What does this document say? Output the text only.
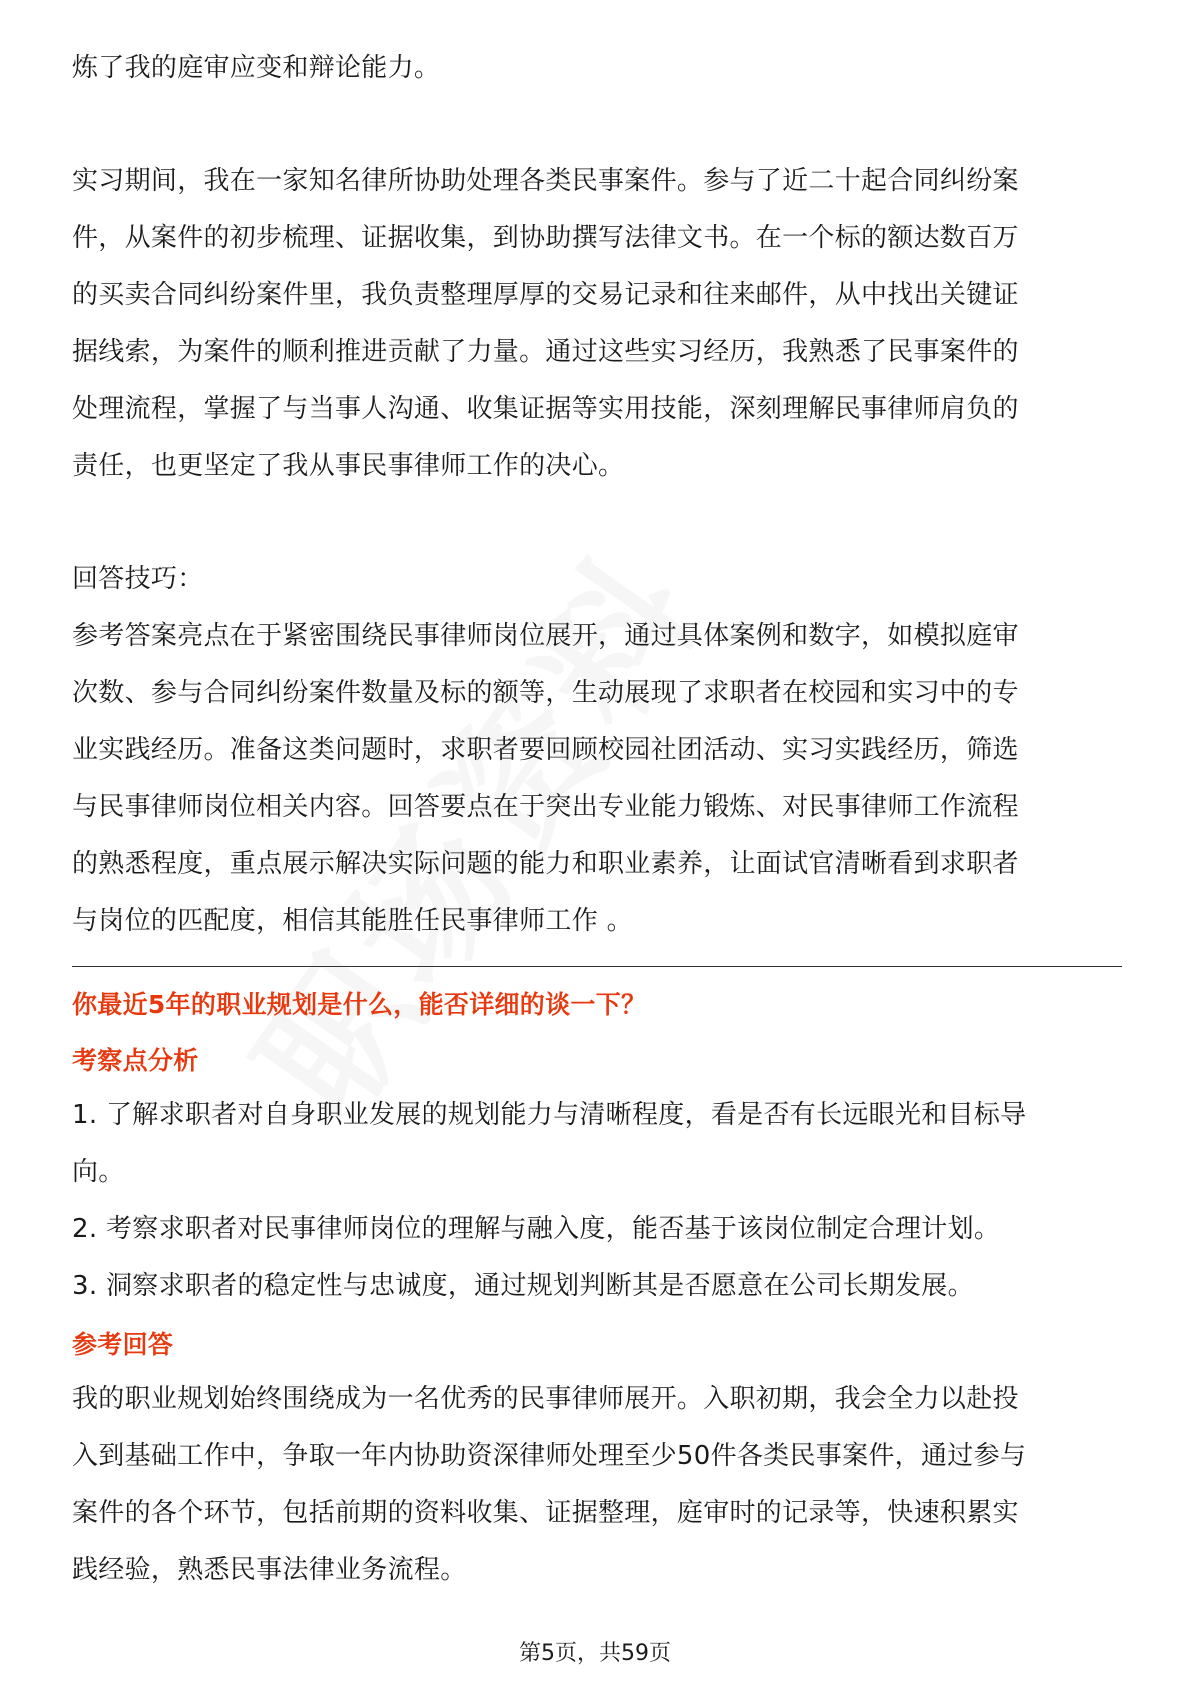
炼了我的庭审应变和辩论能力。

实习期间，我在一家知名律所协助处理各类民事案件。参与了近二十起合同纠纷案

件，从案件的初步梳理、证据收集，到协助撰写法律文书。在一个标的额达数百万

的买卖合同纠纷案件里，我负责整理厚厚的交易记录和往来邮件，从中找出关键证

据线索，为案件的顺利推进贡献了力量。通过这些实习经历，我熟悉了民事案件的

处理流程，掌握了与当事人沟通、收集证据等实用技能，深刻理解民事律师肩负的

责任，也更坚定了我从事民事律师工作的决心。

回答技巧：

参考答案亮点在于紧密围绕民事律师岗位展开，通过具体案例和数字，如模拟庭审

次数、参与合同纠纷案件数量及标的额等，生动展现了求职者在校园和实习中的专

业实践经历。准备这类问题时，求职者要回顾校园社团活动、实习实践经历，筛选

与民事律师岗位相关内容。回答要点在于突出专业能力锻炼、对民事律师工作流程

的熟悉程度，重点展示解决实际问题的能力和职业素养，让面试官清晰看到求职者

与岗位的匹配度，相信其能胜任民事律师工作 。

你最近5年的职业规划是什么，能否详细的谈一下？

考察点分析

1. 了解求职者对自身职业发展的规划能力与清晰程度，看是否有长远眼光和目标导

向。

2. 考察求职者对民事律师岗位的理解与融入度，能否基于该岗位制定合理计划。

3. 洞察求职者的稳定性与忠诚度，通过规划判断其是否愿意在公司长期发展。

参考回答

我的职业规划始终围绕成为一名优秀的民事律师展开。入职初期，我会全力以赴投

入到基础工作中，争取一年内协助资深律师处理至少50件各类民事案件，通过参与

案件的各个环节，包括前期的资料收集、证据整理，庭审时的记录等，快速积累实

践经验，熟悉民事法律业务流程。

第5页，共59页
